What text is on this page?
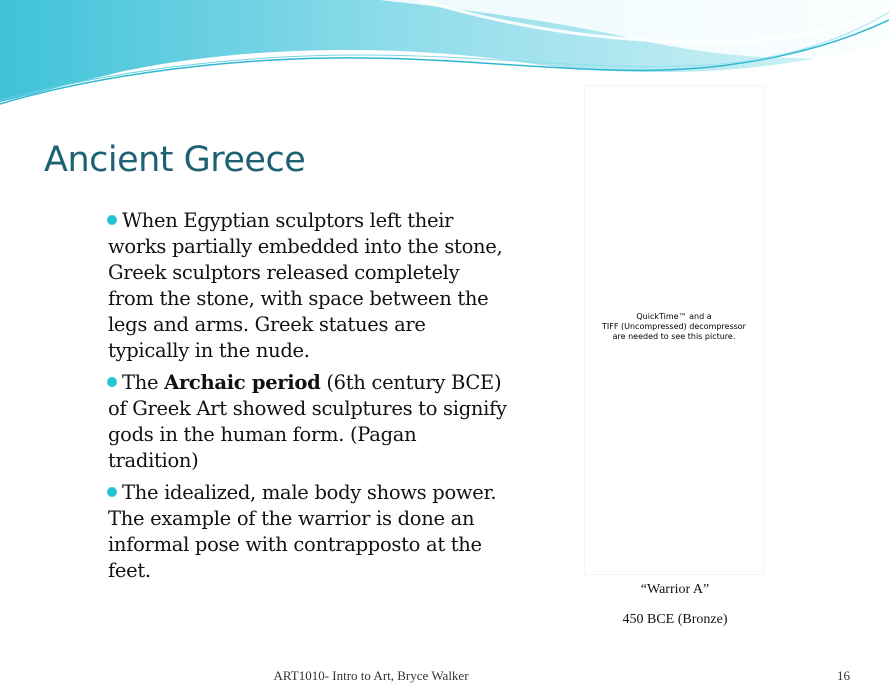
Ancient Greece
When Egyptian sculptors left their works partially embedded into the stone, Greek sculptors released completely from the stone, with space between the legs and arms. Greek statues are typically in the nude.
The Archaic period (6th century BCE) of Greek Art showed sculptures to signify gods in the human form. (Pagan tradition)
The idealized, male body shows power. The example of the warrior is done an informal pose with contrapposto at the feet.
QuickTime™ and a
TIFF (Uncompressed) decompressor
are needed to see this picture.
“Warrior A”
450 BCE (Bronze)
ART1010- Intro to Art, Bryce Walker	16
